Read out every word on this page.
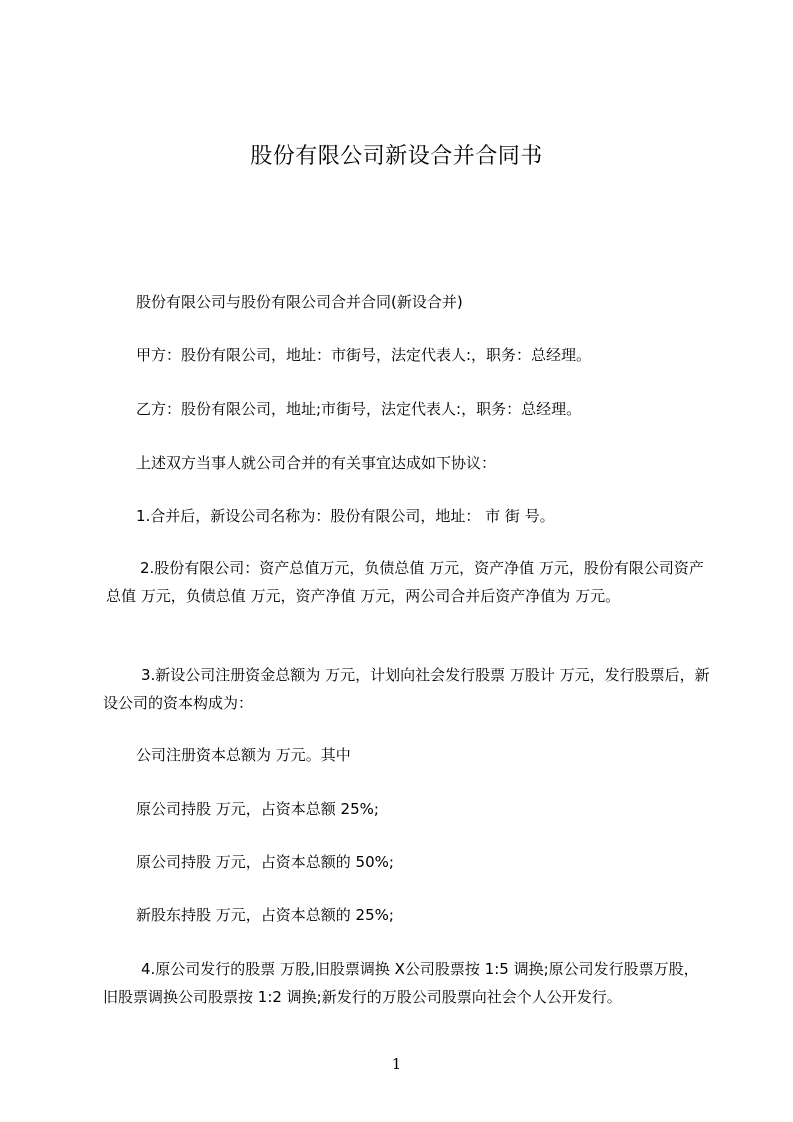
股份有限公司新设合并合同书
股份有限公司与股份有限公司合并合同(新设合并)
甲方：股份有限公司，地址：市街号，法定代表人:，职务：总经理。
乙方：股份有限公司，地址;市街号，法定代表人:，职务：总经理。
上述双方当事人就公司合并的有关事宜达成如下协议：
1.合并后，新设公司名称为：股份有限公司，地址： 市 街 号。
2.股份有限公司：资产总值万元，负债总值 万元，资产净值 万元，股份有限公司资产总值 万元，负债总值 万元，资产净值 万元，两公司合并后资产净值为 万元。
3.新设公司注册资金总额为 万元，计划向社会发行股票 万股计 万元，发行股票后，新设公司的资本构成为：
公司注册资本总额为 万元。其中
原公司持股 万元，占资本总额 25%;
原公司持股 万元，占资本总额的 50%;
新股东持股 万元，占资本总额的 25%;
4.原公司发行的股票 万股,旧股票调换 X公司股票按 1:5 调换;原公司发行股票万股，旧股票调换公司股票按 1:2 调换;新发行的万股公司股票向社会个人公开发行。
1
